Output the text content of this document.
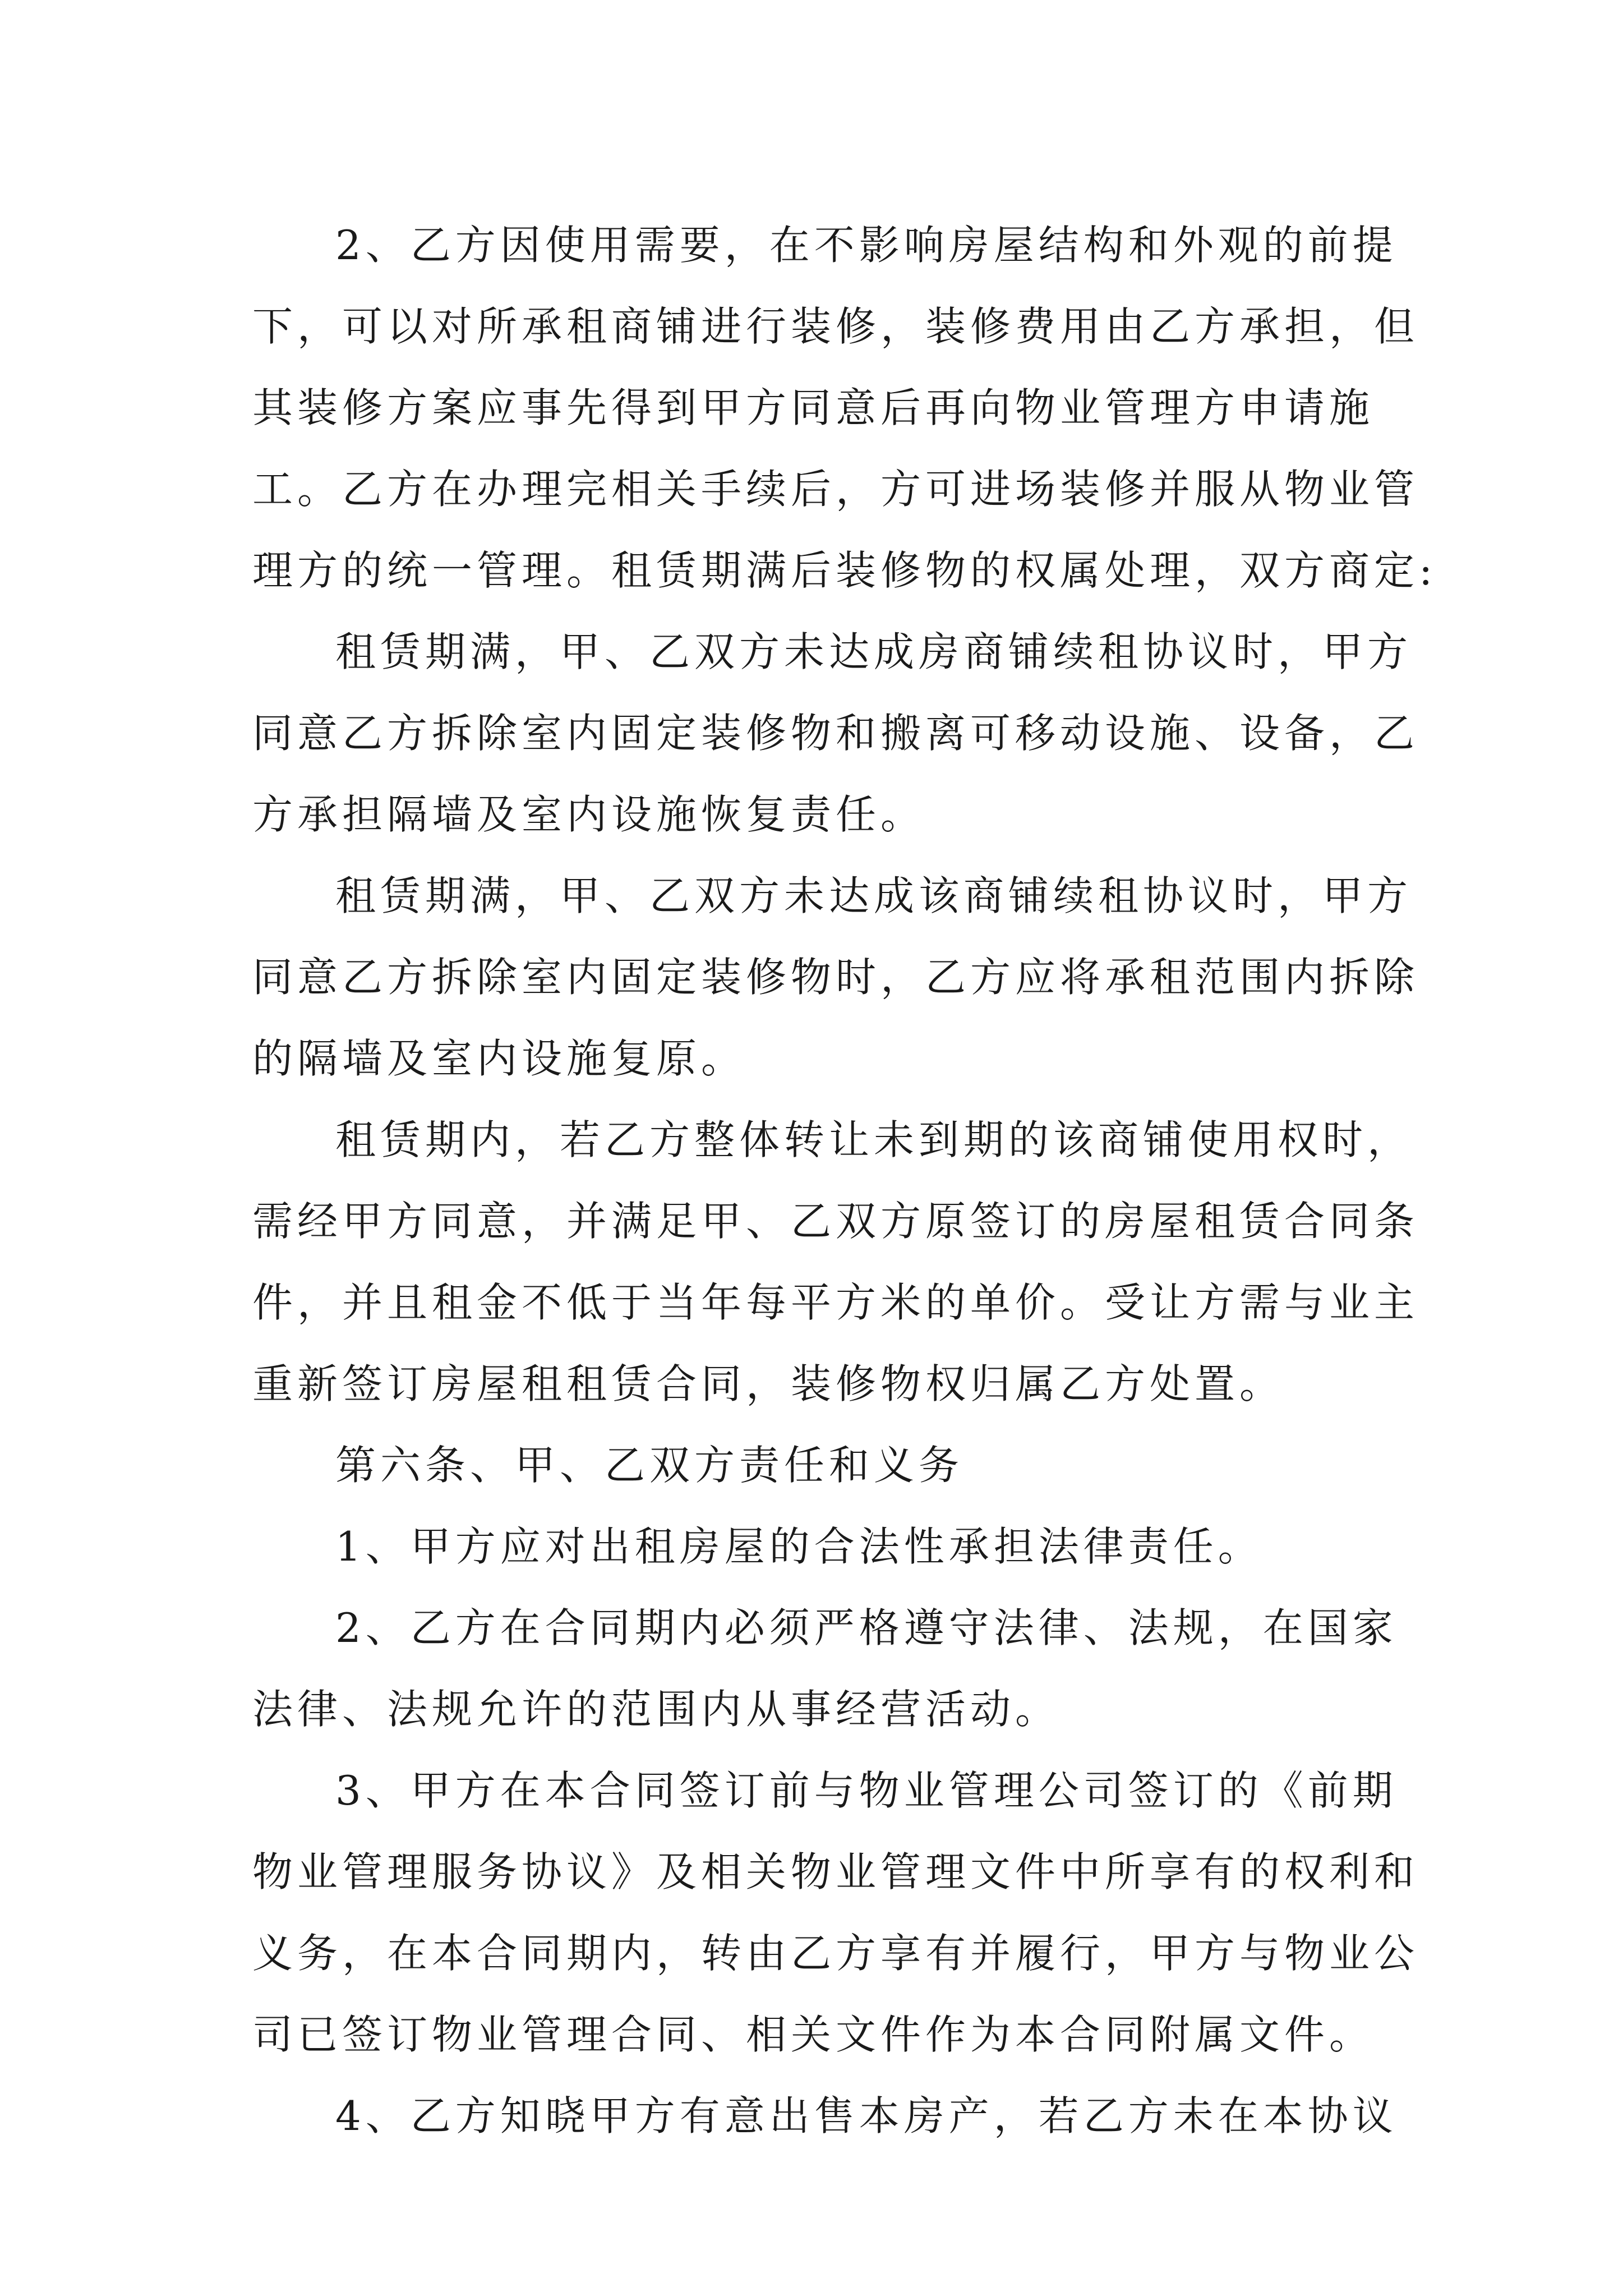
2、乙方因使用需要，在不影响房屋结构和外观的前提
下，可以对所承租商铺进行装修，装修费用由乙方承担，但
其装修方案应事先得到甲方同意后再向物业管理方申请施
工。乙方在办理完相关手续后，方可进场装修并服从物业管
理方的统一管理。租赁期满后装修物的权属处理，双方商定:
租赁期满，甲、乙双方未达成房商铺续租协议时，甲方
同意乙方拆除室内固定装修物和搬离可移动设施、设备，乙
方承担隔墙及室内设施恢复责任。
租赁期满，甲、乙双方未达成该商铺续租协议时，甲方
同意乙方拆除室内固定装修物时，乙方应将承租范围内拆除
的隔墙及室内设施复原。
租赁期内，若乙方整体转让未到期的该商铺使用权时，
需经甲方同意，并满足甲、乙双方原签订的房屋租赁合同条
件，并且租金不低于当年每平方米的单价。受让方需与业主
重新签订房屋租租赁合同，装修物权归属乙方处置。
第六条、甲、乙双方责任和义务
1、甲方应对出租房屋的合法性承担法律责任。
2、乙方在合同期内必须严格遵守法律、法规，在国家
法律、法规允许的范围内从事经营活动。
3、甲方在本合同签订前与物业管理公司签订的《前期
物业管理服务协议》及相关物业管理文件中所享有的权利和
义务，在本合同期内，转由乙方享有并履行，甲方与物业公
司已签订物业管理合同、相关文件作为本合同附属文件。
4、乙方知晓甲方有意出售本房产，若乙方未在本协议
